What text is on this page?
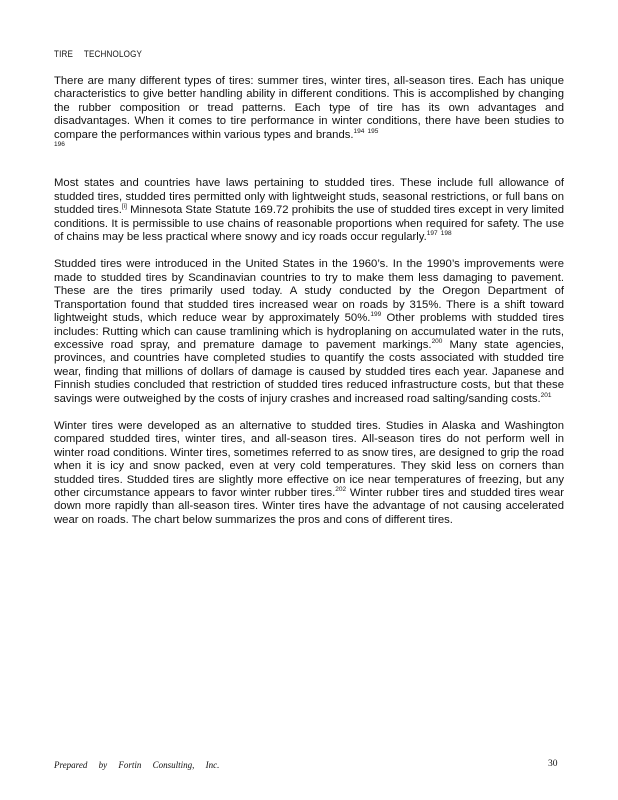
TIRE TECHNOLOGY

There are many different types of tires: summer tires, winter tires, all-season tires. Each has unique characteristics to give better handling ability in different conditions. This is accomplished by changing the rubber composition or tread patterns. Each type of tire has its own advantages and disadvantages. When it comes to tire performance in winter conditions, there have been studies to compare the performances within various types and brands.$^{194}$ $^{195}$
$^{196}$

Most states and countries have laws pertaining to studded tires. These include full allowance of studded tires, studded tires permitted only with lightweight studs, seasonal restrictions, or full bans on studded tires.[i] Minnesota State Statute 169.72 prohibits the use of studded tires except in very limited conditions. It is permissible to use chains of reasonable proportions when required for safety. The use of chains may be less practical where snowy and icy roads occur regularly.$^{197}$ $^{198}$

Studded tires were introduced in the United States in the 1960’s. In the 1990’s improvements were made to studded tires by Scandinavian countries to try to make them less damaging to pavement. These are the tires primarily used today. A study conducted by the Oregon Department of Transportation found that studded tires increased wear on roads by 315%. There is a shift toward lightweight studs, which reduce wear by approximately 50%.$^{199}$ Other problems with studded tires includes: Rutting which can cause tramlining which is hydroplaning on accumulated water in the ruts, excessive road spray, and premature damage to pavement markings.$^{200}$ Many state agencies, provinces, and countries have completed studies to quantify the costs associated with studded tire wear, finding that millions of dollars of damage is caused by studded tires each year. Japanese and Finnish studies concluded that restriction of studded tires reduced infrastructure costs, but that these savings were outweighed by the costs of injury crashes and increased road salting/sanding costs.$^{201}$

Winter tires were developed as an alternative to studded tires. Studies in Alaska and Washington compared studded tires, winter tires, and all-season tires. All-season tires do not perform well in winter road conditions. Winter tires, sometimes referred to as snow tires, are designed to grip the road when it is icy and snow packed, even at very cold temperatures. They skid less on corners than studded tires. Studded tires are slightly more effective on ice near temperatures of freezing, but any other circumstance appears to favor winter rubber tires.$^{202}$ Winter rubber tires and studded tires wear down more rapidly than all-season tires. Winter tires have the advantage of not causing accelerated wear on roads. The chart below summarizes the pros and cons of different tires.

Prepared by Fortin Consulting, Inc.	30
